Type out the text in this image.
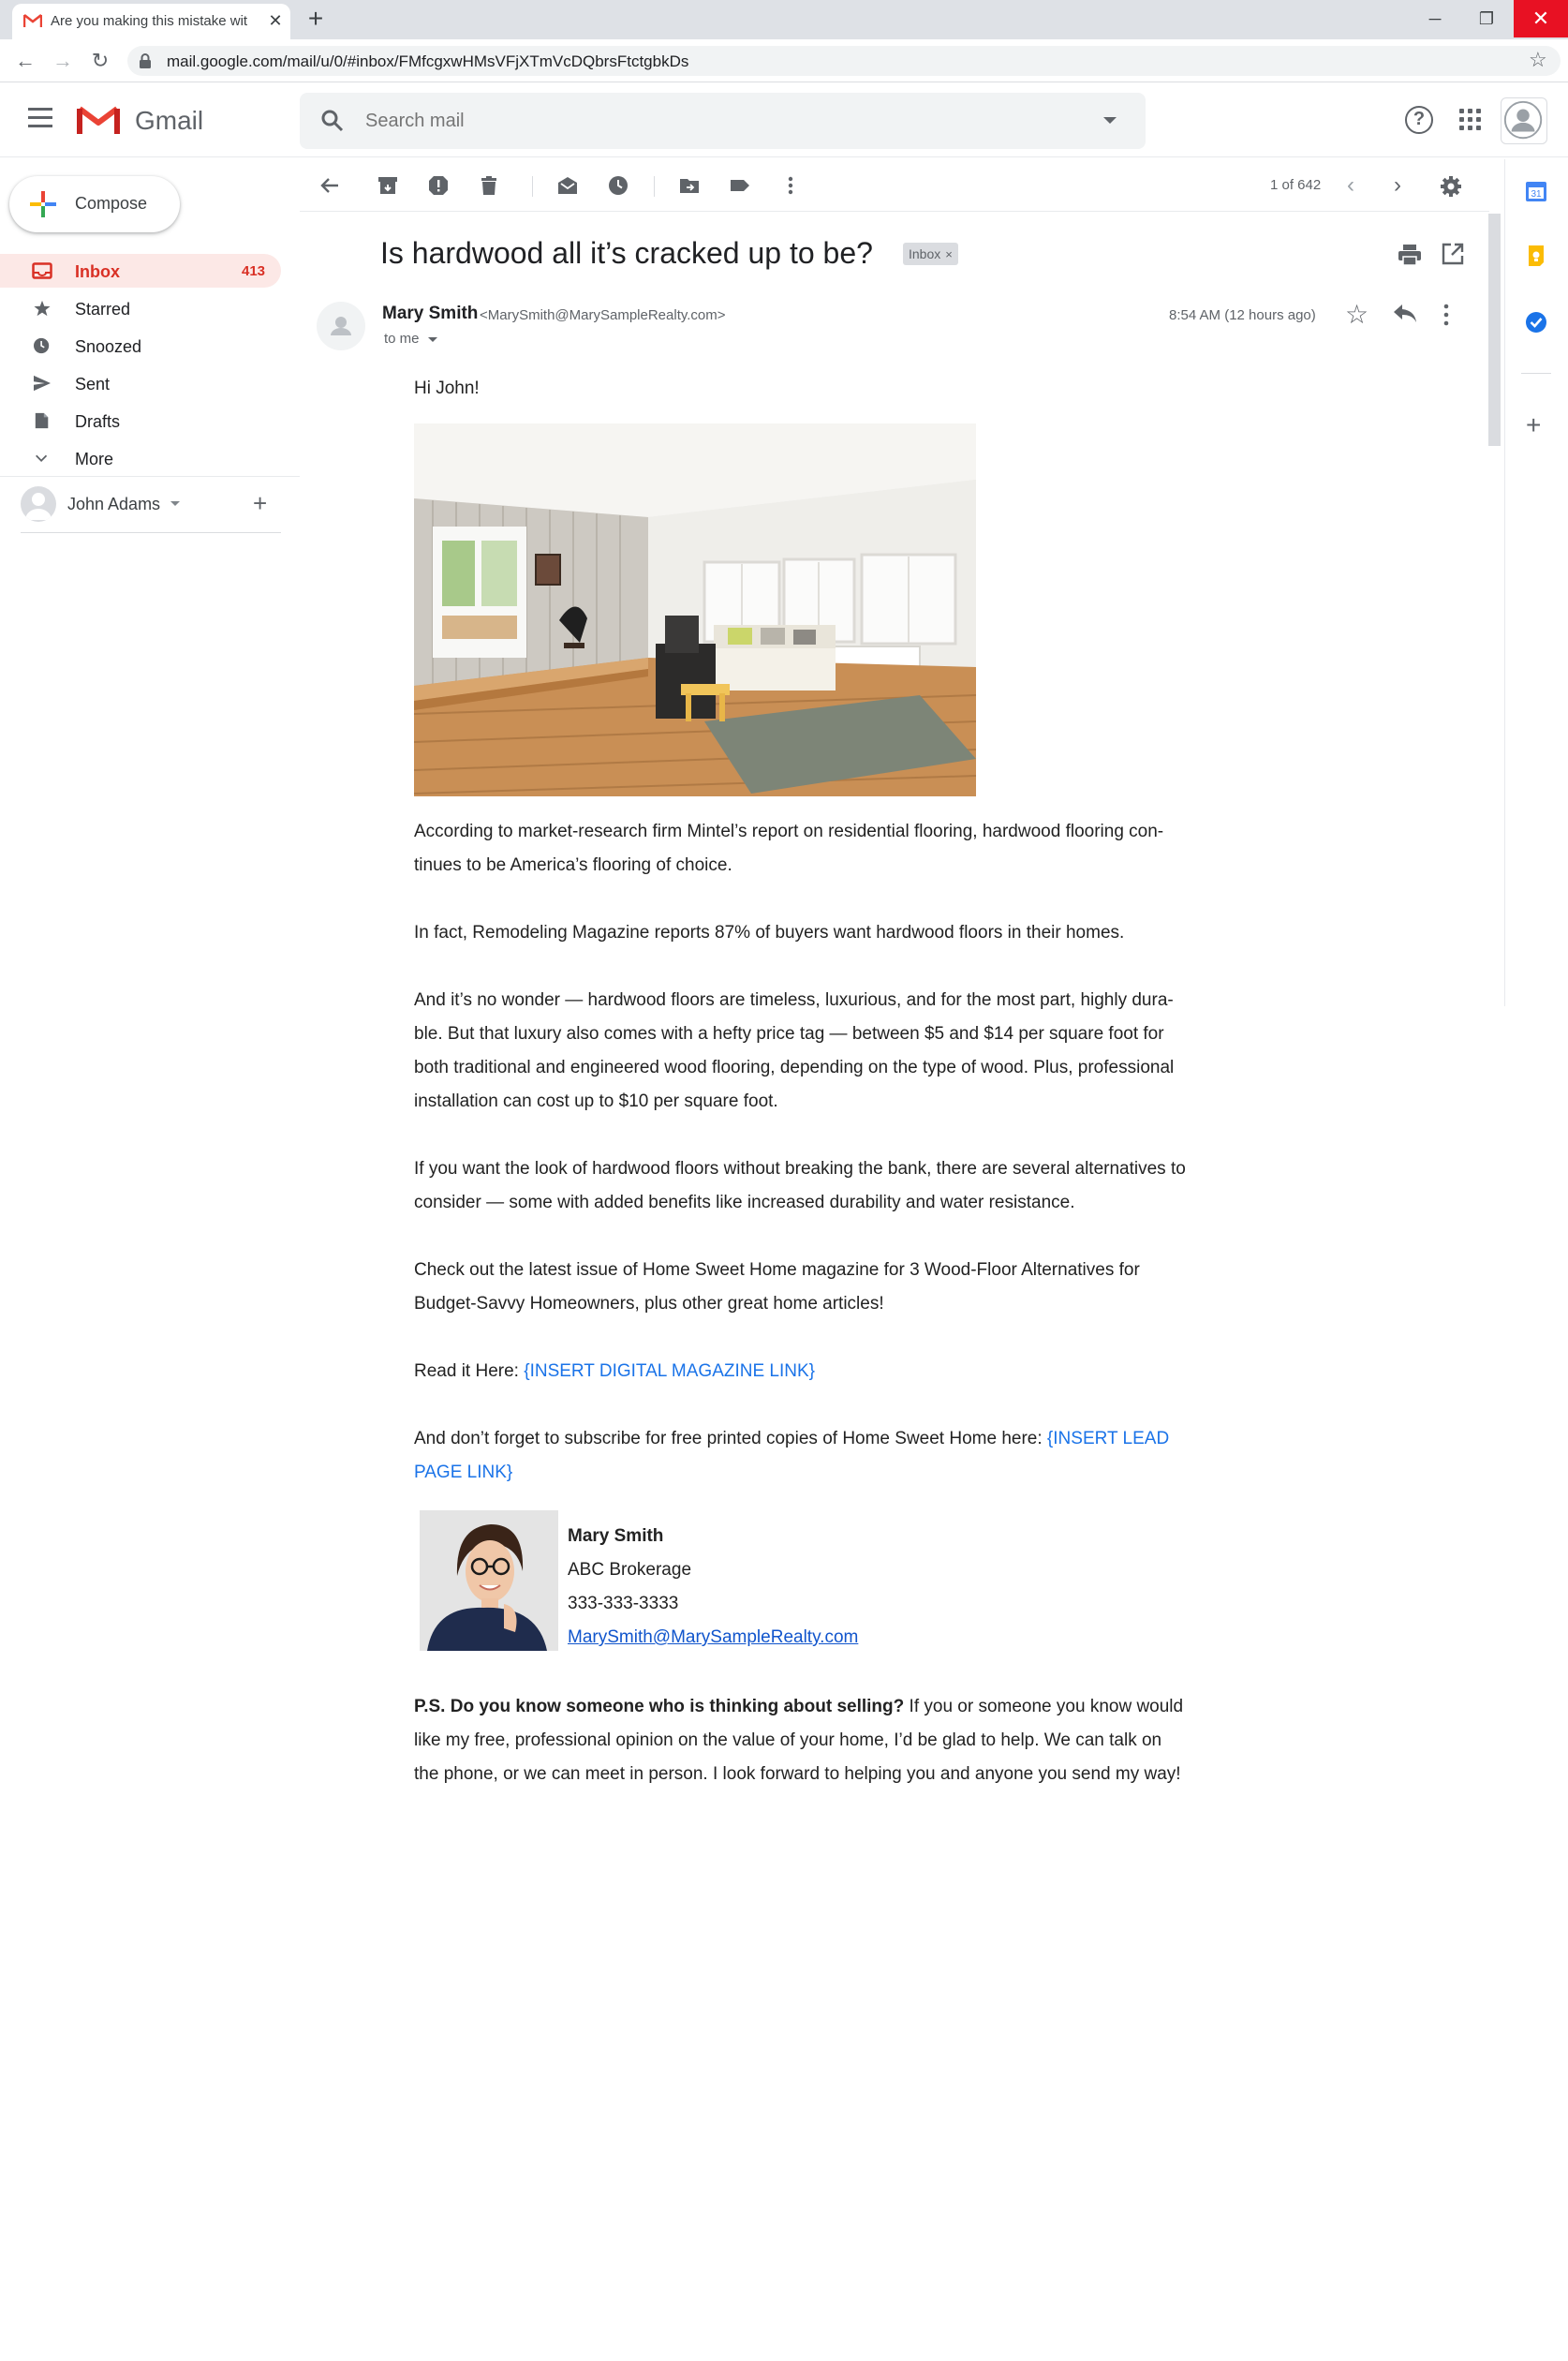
Are you making this mistake wit	✕ +	─	❐	✕
← → ↻	mail.google.com/mail/u/0/#inbox/FMfcgxwHMsVFjXTmVcDQbrsFtctgbkDs	☆
Gmail
Search mail	?
Compose
Inbox	413
Starred
Snoozed
Sent
Drafts
More
John Adams	+
1 of 642 ‹ ›
Is hardwood all it’s cracked up to be?	Inbox ×
Mary Smith <MarySmith@MarySampleRealty.com>
to me
8:54 AM (12 hours ago) ☆

Hi John!

According to market-research firm Mintel’s report on residential flooring, hardwood flooring con-tinues to be America’s flooring of choice.

In fact, Remodeling Magazine reports 87% of buyers want hardwood floors in their homes.

And it’s no wonder — hardwood floors are timeless, luxurious, and for the most part, highly dura-ble. But that luxury also comes with a hefty price tag — between $5 and $14 per square foot for both traditional and engineered wood flooring, depending on the type of wood. Plus, professional installation can cost up to $10 per square foot.

If you want the look of hardwood floors without breaking the bank, there are several alternatives to consider — some with added benefits like increased durability and water resistance.

Check out the latest issue of Home Sweet Home magazine for 3 Wood-Floor Alternatives for Budget-Savvy Homeowners, plus other great home articles!

Read it Here: {INSERT DIGITAL MAGAZINE LINK}

And don’t forget to subscribe for free printed copies of Home Sweet Home here: {INSERT LEAD PAGE LINK}

Mary Smith
ABC Brokerage
333-333-3333
MarySmith@MarySampleRealty.com

P.S. Do you know someone who is thinking about selling? If you or someone you know would like my free, professional opinion on the value of your home, I’d be glad to help. We can talk on the phone, or we can meet in person. I look forward to helping you and anyone you send my way!

31
+
